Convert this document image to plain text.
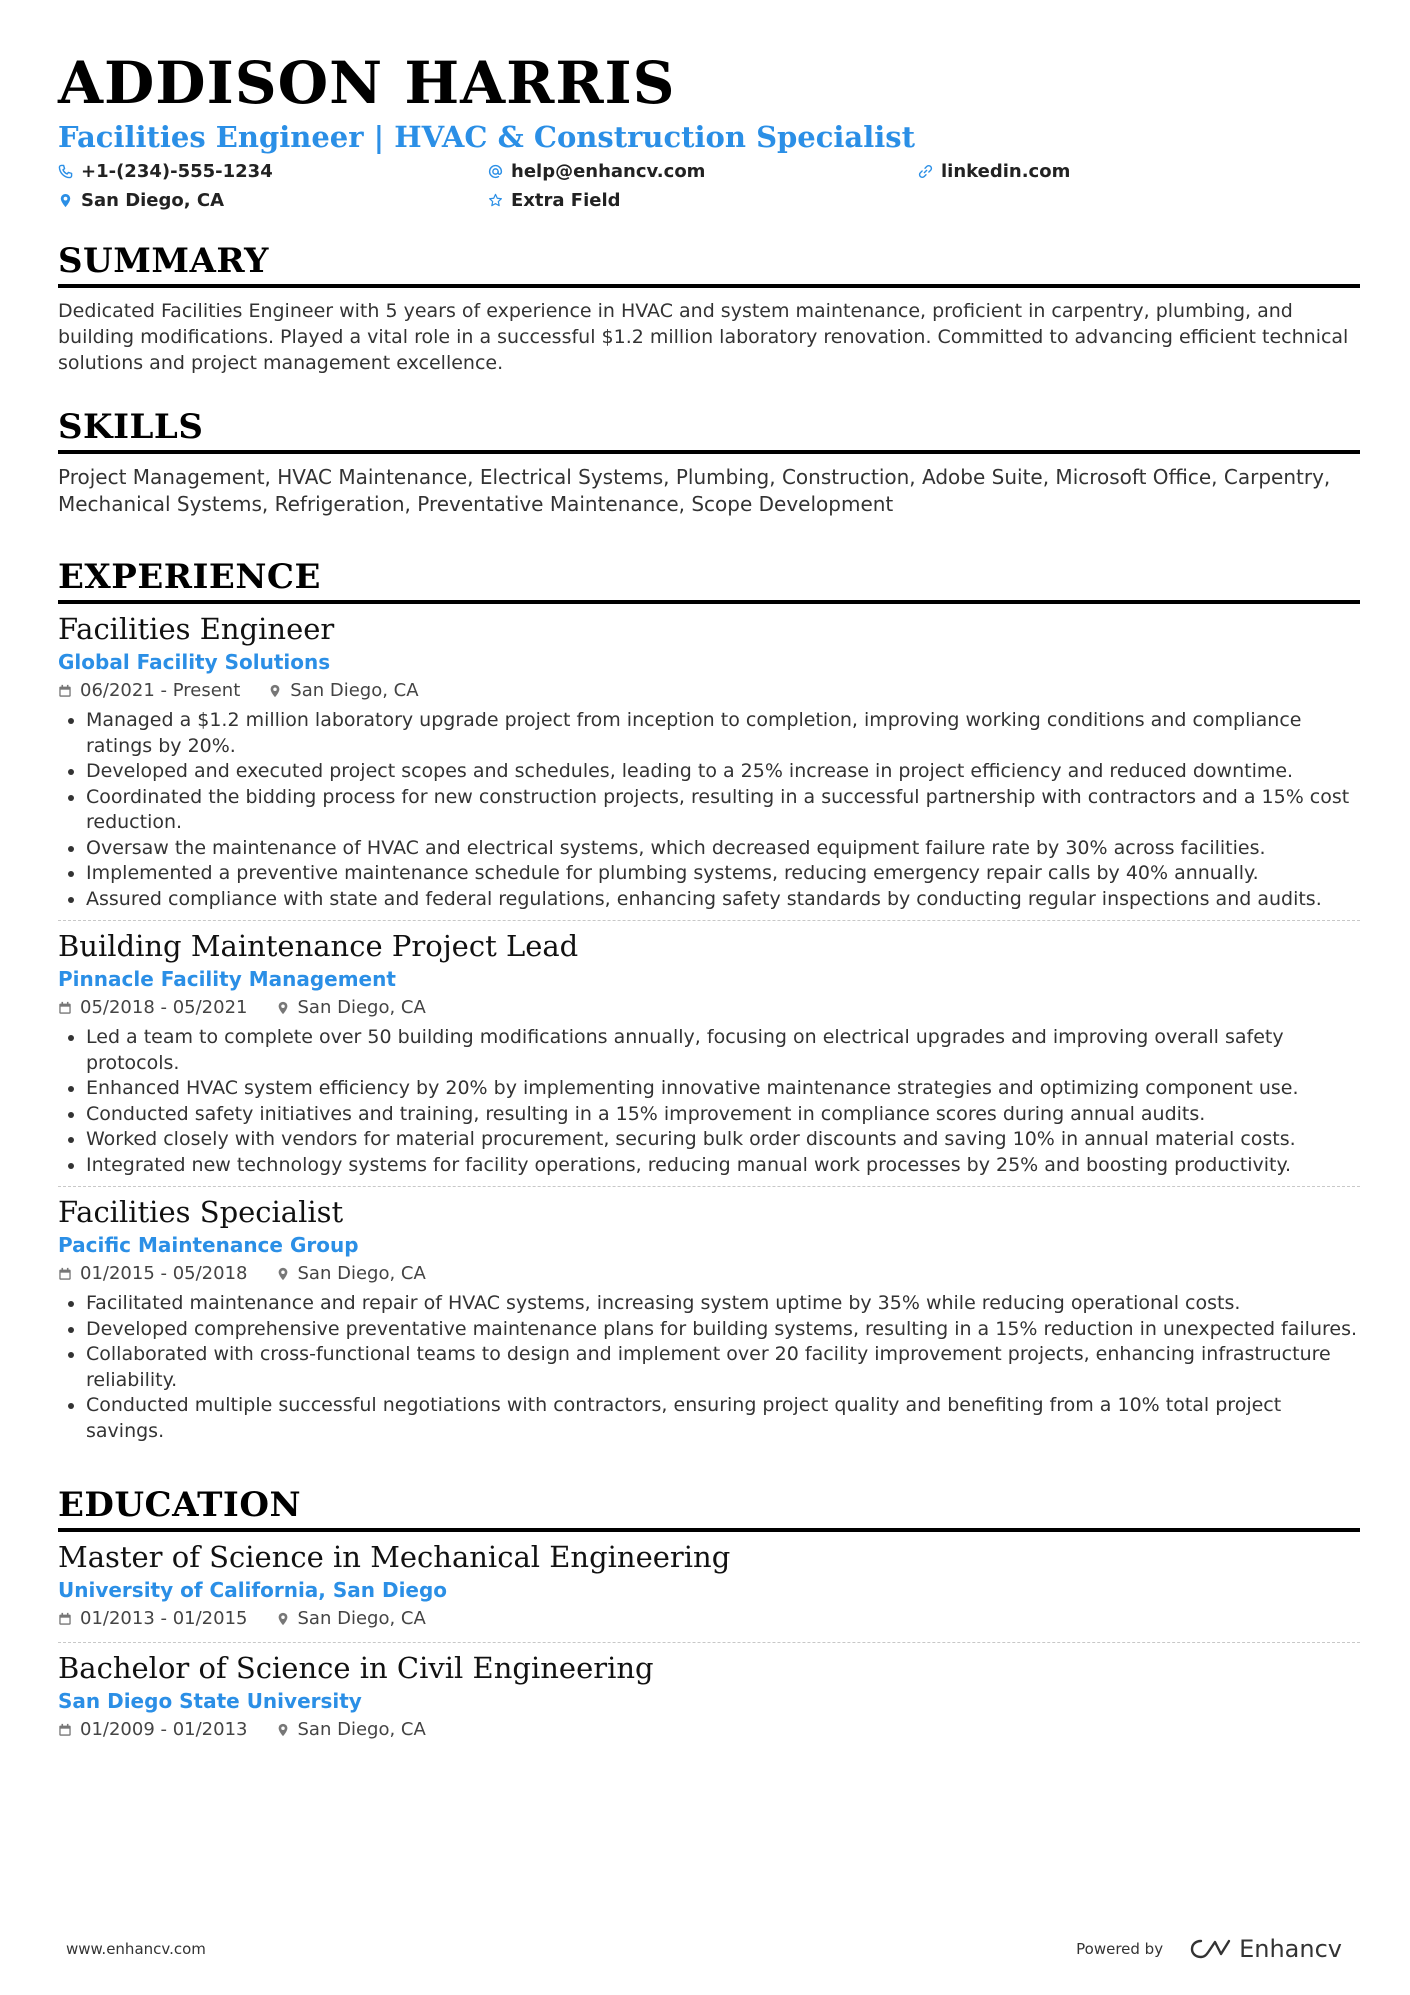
ADDISON HARRIS
Facilities Engineer | HVAC & Construction Specialist
+1-(234)-555-1234	help@enhancv.com	linkedin.com
San Diego, CA	Extra Field
SUMMARY
Dedicated Facilities Engineer with 5 years of experience in HVAC and system maintenance, proficient in carpentry, plumbing, and building modifications. Played a vital role in a successful $1.2 million laboratory renovation. Committed to advancing efficient technical solutions and project management excellence.
SKILLS
Project Management, HVAC Maintenance, Electrical Systems, Plumbing, Construction, Adobe Suite, Microsoft Office, Carpentry, Mechanical Systems, Refrigeration, Preventative Maintenance, Scope Development
EXPERIENCE
Facilities Engineer
Global Facility Solutions
06/2021 - Present	San Diego, CA
• Managed a $1.2 million laboratory upgrade project from inception to completion, improving working conditions and compliance ratings by 20%.
• Developed and executed project scopes and schedules, leading to a 25% increase in project efficiency and reduced downtime.
• Coordinated the bidding process for new construction projects, resulting in a successful partnership with contractors and a 15% cost reduction.
• Oversaw the maintenance of HVAC and electrical systems, which decreased equipment failure rate by 30% across facilities.
• Implemented a preventive maintenance schedule for plumbing systems, reducing emergency repair calls by 40% annually.
• Assured compliance with state and federal regulations, enhancing safety standards by conducting regular inspections and audits.
Building Maintenance Project Lead
Pinnacle Facility Management
05/2018 - 05/2021	San Diego, CA
• Led a team to complete over 50 building modifications annually, focusing on electrical upgrades and improving overall safety protocols.
• Enhanced HVAC system efficiency by 20% by implementing innovative maintenance strategies and optimizing component use.
• Conducted safety initiatives and training, resulting in a 15% improvement in compliance scores during annual audits.
• Worked closely with vendors for material procurement, securing bulk order discounts and saving 10% in annual material costs.
• Integrated new technology systems for facility operations, reducing manual work processes by 25% and boosting productivity.
Facilities Specialist
Pacific Maintenance Group
01/2015 - 05/2018	San Diego, CA
• Facilitated maintenance and repair of HVAC systems, increasing system uptime by 35% while reducing operational costs.
• Developed comprehensive preventative maintenance plans for building systems, resulting in a 15% reduction in unexpected failures.
• Collaborated with cross-functional teams to design and implement over 20 facility improvement projects, enhancing infrastructure reliability.
• Conducted multiple successful negotiations with contractors, ensuring project quality and benefiting from a 10% total project savings.
EDUCATION
Master of Science in Mechanical Engineering
University of California, San Diego
01/2013 - 01/2015	San Diego, CA
Bachelor of Science in Civil Engineering
San Diego State University
01/2009 - 01/2013	San Diego, CA
www.enhancv.com	Powered by	Enhancv
